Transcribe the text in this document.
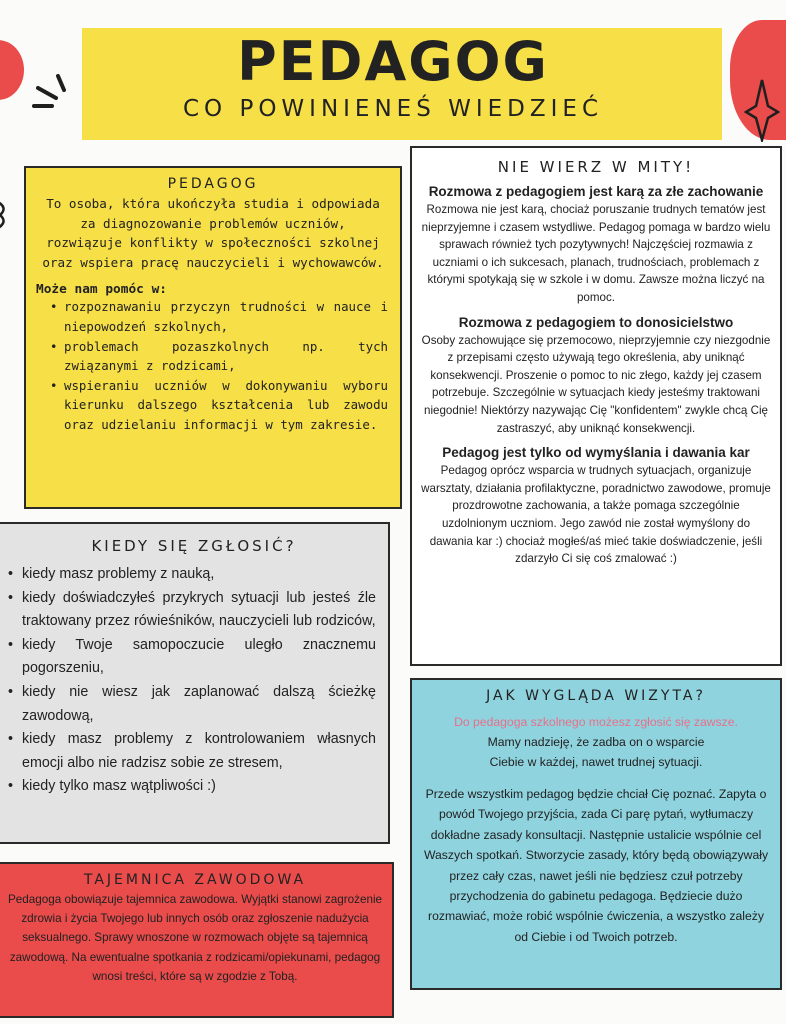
PEDAGOG
CO POWINIENEŚ WIEDZIEĆ
PEDAGOG

To osoba, która ukończyła studia i odpowiada za diagnozowanie problemów uczniów, rozwiązuje konflikty w społeczności szkolnej oraz wspiera pracę nauczycieli i wychowawców.

Może nam pomóc w:

• rozpoznawaniu przyczyn trudności w nauce i niepowodzeń szkolnych,
• problemach pozaszkolnych np. tych związanymi z rodzicami,
• wspieraniu uczniów w dokonywaniu wyboru kierunku dalszego kształcenia lub zawodu oraz udzielaniu informacji w tym zakresie.
KIEDY SIĘ ZGŁOSIĆ?
• kiedy masz problemy z nauką,
• kiedy doświadczyłeś przykrych sytuacji lub jesteś źle traktowany przez rówieśników, nauczycieli lub rodziców,
• kiedy Twoje samopoczucie uległo znacznemu pogorszeniu,
• kiedy nie wiesz jak zaplanować dalszą ścieżkę zawodową,
• kiedy masz problemy z kontrolowaniem własnych emocji albo nie radzisz sobie ze stresem,
• kiedy tylko masz wątpliwości :)
TAJEMNICA ZAWODOWA

Pedagoga obowiązuje tajemnica zawodowa. Wyjątki stanowi zagrożenie zdrowia i życia Twojego lub innych osób oraz zgłoszenie nadużycia seksualnego. Sprawy wnoszone w rozmowach objęte są tajemnicą zawodową. Na ewentualne spotkania z rodzicami/opiekunami, pedagog wnosi treści, które są w zgodzie z Tobą.

NIE WIERZ W MITY!

Rozmowa z pedagogiem jest karą za złe zachowanie

Rozmowa nie jest karą, chociaż poruszanie trudnych tematów jest nieprzyjemne i czasem wstydliwe. Pedagog pomaga w bardzo wielu sprawach również tych pozytywnych! Najczęściej rozmawia z uczniami o ich sukcesach, planach, trudnościach, problemach z którymi spotykają się w szkole i w domu. Zawsze można liczyć na pomoc.

Rozmowa z pedagogiem to donosicielstwo

Osoby zachowujące się przemocowo, nieprzyjemnie czy niezgodnie z przepisami często używają tego określenia, aby uniknąć konsekwencji. Proszenie o pomoc to nic złego, każdy jej czasem potrzebuje. Szczególnie w sytuacjach kiedy jesteśmy traktowani niegodnie! Niektórzy nazywając Cię "konfidentem" zwykle chcą Cię zastraszyć, aby uniknąć konsekwencji.

Pedagog jest tylko od wymyślania i dawania kar

Pedagog oprócz wsparcia w trudnych sytuacjach, organizuje warsztaty, działania profilaktyczne, poradnictwo zawodowe, promuje prozdrowotne zachowania, a także pomaga szczególnie uzdolnionym uczniom. Jego zawód nie został wymyślony do dawania kar :) chociaż mogłeś/aś mieć takie doświadczenie, jeśli zdarzyło Ci się coś zmalować :)

JAK WYGLĄDA WIZYTA?

Do pedagoga szkolnego możesz zgłosić się zawsze.

Mamy nadzieję, że zadba on o wsparcie Ciebie w każdej, nawet trudnej sytuacji.

Przede wszystkim pedagog będzie chciał Cię poznać. Zapyta o powód Twojego przyjścia, zada Ci parę pytań, wytłumaczy dokładne zasady konsultacji. Następnie ustalicie wspólnie cel Waszych spotkań. Stworzycie zasady, który będą obowiązywały przez cały czas, nawet jeśli nie będziesz czuł potrzeby przychodzenia do gabinetu pedagoga. Będziecie dużo rozmawiać, może robić wspólnie ćwiczenia, a wszystko zależy od Ciebie i od Twoich potrzeb.
